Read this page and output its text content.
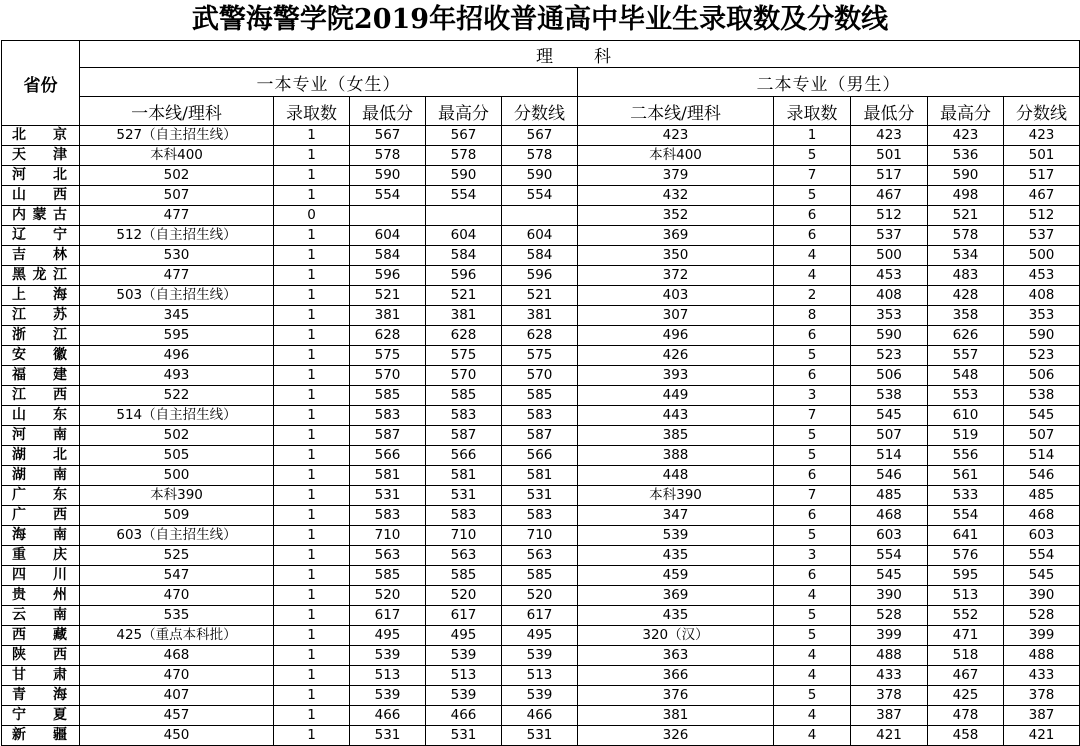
武警海警学院2019年招收普通高中毕业生录取数及分数线
省份	理　科									
	一本专业（女生）					二本专业（男生）				
	一本线/理科	录取数	最低分	最高分	分数线	二本线/理科	录取数	最低分	最高分	分数线
北京	527（自主招生线）	1	567	567	567	423	1	423	423	423
天津	本科400	1	578	578	578	本科400	5	501	536	501
河北	502	1	590	590	590	379	7	517	590	517
山西	507	1	554	554	554	432	5	467	498	467
内蒙古	477	0				352	6	512	521	512
辽宁	512（自主招生线）	1	604	604	604	369	6	537	578	537
吉林	530	1	584	584	584	350	4	500	534	500
黑龙江	477	1	596	596	596	372	4	453	483	453
上海	503（自主招生线）	1	521	521	521	403	2	408	428	408
江苏	345	1	381	381	381	307	8	353	358	353
浙江	595	1	628	628	628	496	6	590	626	590
安徽	496	1	575	575	575	426	5	523	557	523
福建	493	1	570	570	570	393	6	506	548	506
江西	522	1	585	585	585	449	3	538	553	538
山东	514（自主招生线）	1	583	583	583	443	7	545	610	545
河南	502	1	587	587	587	385	5	507	519	507
湖北	505	1	566	566	566	388	5	514	556	514
湖南	500	1	581	581	581	448	6	546	561	546
广东	本科390	1	531	531	531	本科390	7	485	533	485
广西	509	1	583	583	583	347	6	468	554	468
海南	603（自主招生线）	1	710	710	710	539	5	603	641	603
重庆	525	1	563	563	563	435	3	554	576	554
四川	547	1	585	585	585	459	6	545	595	545
贵州	470	1	520	520	520	369	4	390	513	390
云南	535	1	617	617	617	435	5	528	552	528
西藏	425（重点本科批）	1	495	495	495	320（汉）	5	399	471	399
陕西	468	1	539	539	539	363	4	488	518	488
甘肃	470	1	513	513	513	366	4	433	467	433
青海	407	1	539	539	539	376	5	378	425	378
宁夏	457	1	466	466	466	381	4	387	478	387
新疆	450	1	531	531	531	326	4	421	458	421
